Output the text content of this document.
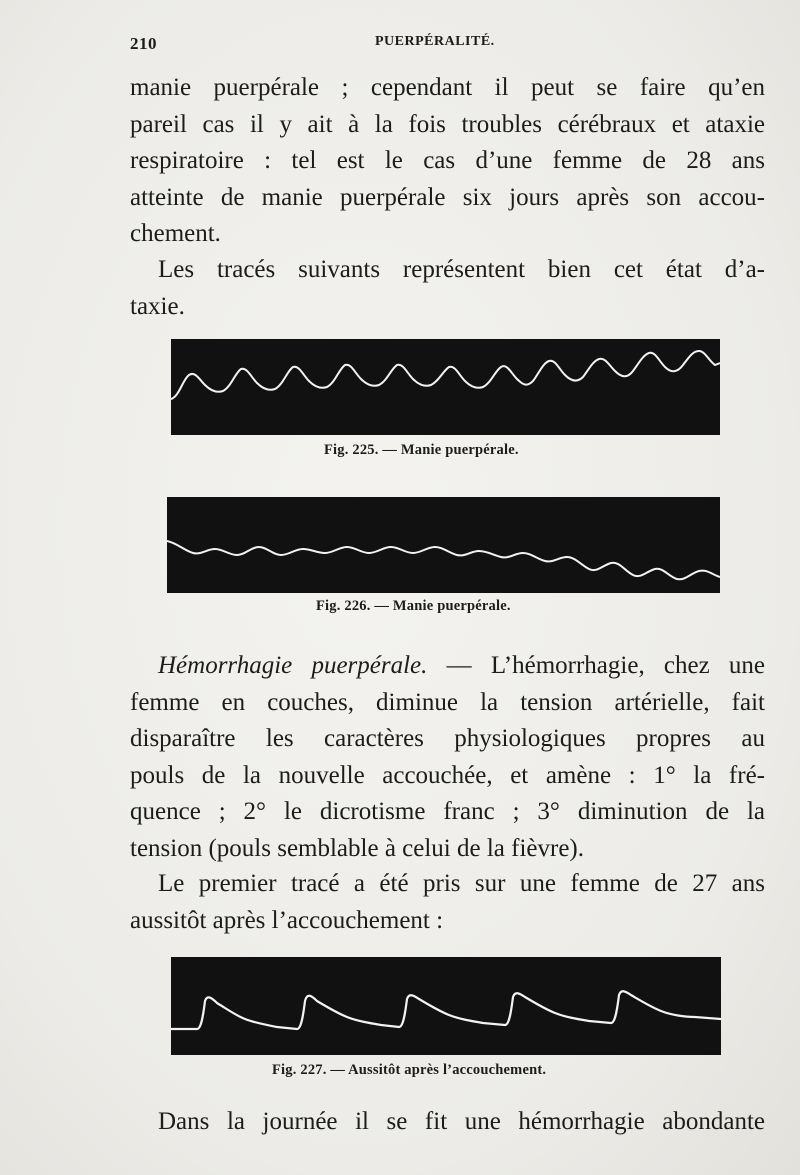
210	PUERPÉRALITÉ.

manie puerpérale ; cependant il peut se faire qu’en
pareil cas il y ait à la fois troubles cérébraux et ataxie
respiratoire : tel est le cas d’une femme de 28 ans
atteinte de manie puerpérale six jours après son accou-
chement.

Les tracés suivants représentent bien cet état d’a-
taxie.

Fig. 225. — Manie puerpérale.
Fig. 226. — Manie puerpérale.

Hémorrhagie puerpérale. — L’hémorrhagie, chez une
femme en couches, diminue la tension artérielle, fait
disparaître les caractères physiologiques propres au
pouls de la nouvelle accouchée, et amène : 1° la fré-
quence ; 2° le dicrotisme franc ; 3° diminution de la
tension (pouls semblable à celui de la fièvre).

Le premier tracé a été pris sur une femme de 27 ans
aussitôt après l’accouchement :

Fig. 227. — Aussitôt après l’accouchement.

Dans la journée il se fit une hémorrhagie abondante
